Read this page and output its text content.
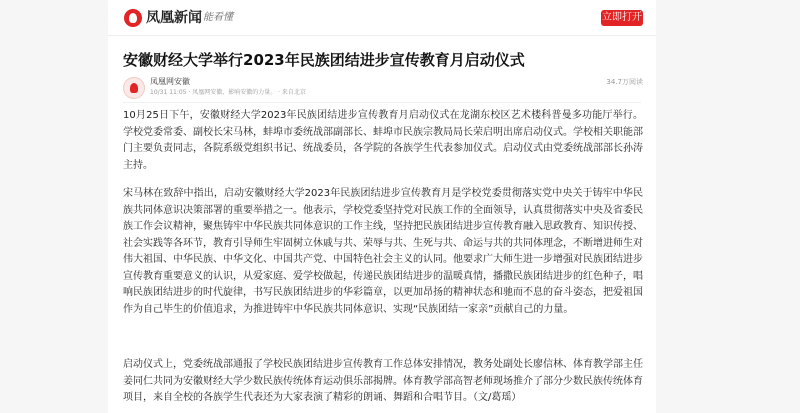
凤凰新闻 能看懂	立即打开
安徽财经大学举行2023年民族团结进步宣传教育月启动仪式
凤凰网安徽
10/31 11:05 · 凤凰网安徽，影响安徽的力量。 · 来自北京
34.7万阅读

10月25日下午，安徽财经大学2023年民族团结进步宣传教育月启动仪式在龙湖东校区艺术楼科普曼多功能厅举行。学校党委常委、副校长宋马林，蚌埠市委统战部副部长、蚌埠市民族宗教局局长荣启明出席启动仪式。学校相关职能部门主要负责同志，各院系级党组织书记、统战委员，各学院的各族学生代表参加仪式。启动仪式由党委统战部部长孙涛主持。

宋马林在致辞中指出，启动安徽财经大学2023年民族团结进步宣传教育月是学校党委贯彻落实党中央关于铸牢中华民族共同体意识决策部署的重要举措之一。他表示，学校党委坚持党对民族工作的全面领导，认真贯彻落实中央及省委民族工作会议精神，聚焦铸牢中华民族共同体意识的工作主线，坚持把民族团结进步宣传教育融入思政教育、知识传授、社会实践等各环节，教育引导师生牢固树立休戚与共、荣辱与共、生死与共、命运与共的共同体理念，不断增进师生对伟大祖国、中华民族、中华文化、中国共产党、中国特色社会主义的认同。他要求广大师生进一步增强对民族团结进步宣传教育重要意义的认识，从爱家庭、爱学校做起，传递民族团结进步的温暖真情，播撒民族团结进步的红色种子，唱响民族团结进步的时代旋律，书写民族团结进步的华彩篇章，以更加昂扬的精神状态和驰而不息的奋斗姿态，把爱祖国作为自己毕生的价值追求，为推进铸牢中华民族共同体意识、实现“民族团结一家亲”贡献自己的力量。

启动仪式上，党委统战部通报了学校民族团结进步宣传教育工作总体安排情况，教务处副处长廖信林、体育教学部主任姜同仁共同为安徽财经大学少数民族传统体育运动俱乐部揭牌。体育教学部高智老师现场推介了部分少数民族传统体育项目，来自全校的各族学生代表还为大家表演了精彩的朗诵、舞蹈和合唱节目。（文/葛瑶）
